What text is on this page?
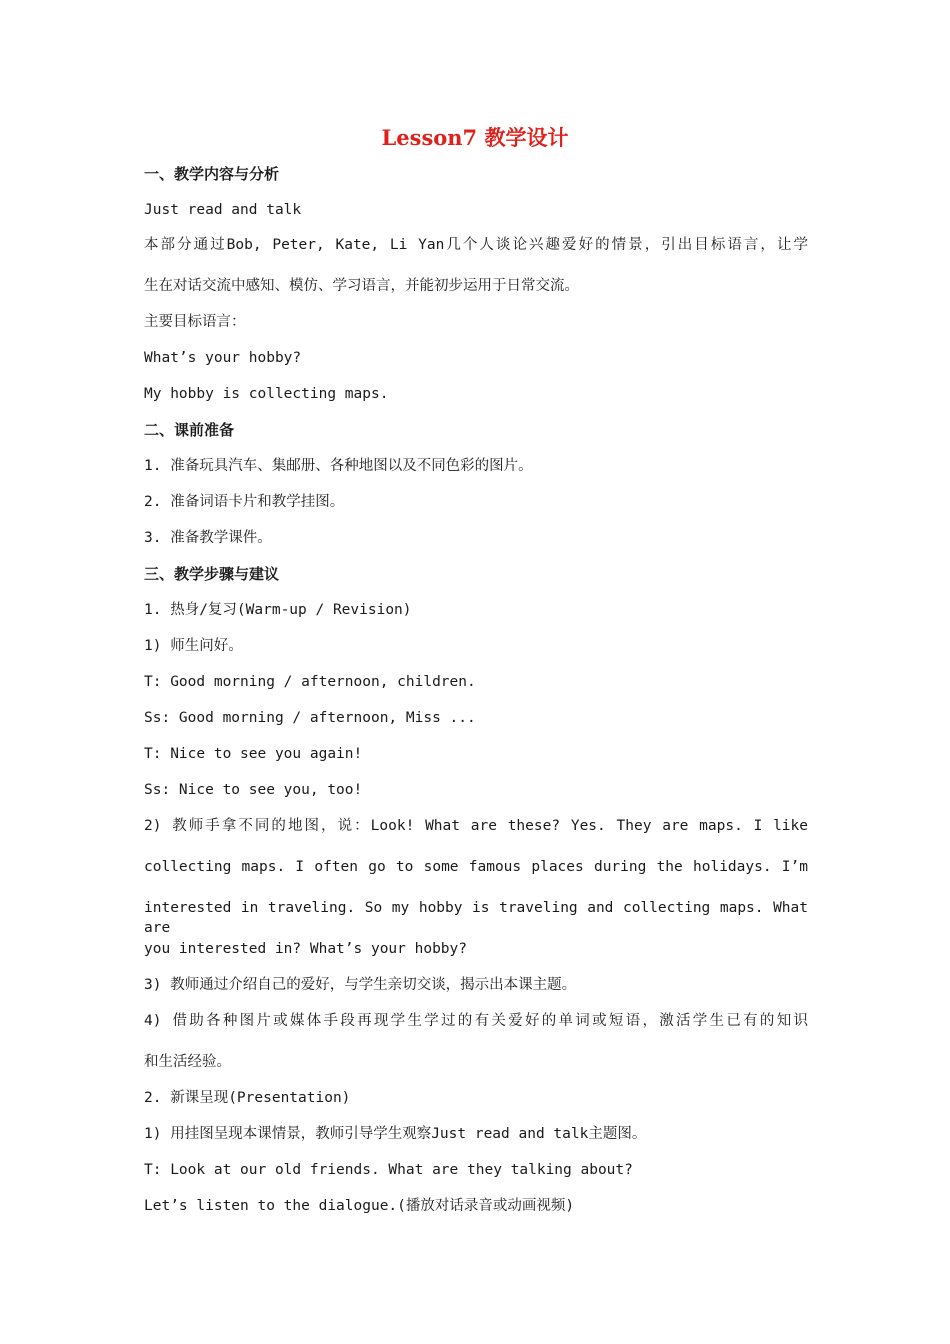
Lesson7 教学设计
一、教学内容与分析
Just read and talk
本部分通过Bob, Peter, Kate, Li Yan几个人谈论兴趣爱好的情景，引出目标语言，让学
生在对话交流中感知、模仿、学习语言，并能初步运用于日常交流。
主要目标语言：
What’s your hobby?
My hobby is collecting maps.
二、课前准备
1. 准备玩具汽车、集邮册、各种地图以及不同色彩的图片。
2. 准备词语卡片和教学挂图。
3. 准备教学课件。
三、教学步骤与建议
1. 热身/复习(Warm-up / Revision)
1) 师生问好。
T: Good morning / afternoon, children.
Ss: Good morning / afternoon, Miss ...
T: Nice to see you again!
Ss: Nice to see you, too!
2) 教师手拿不同的地图，说：Look! What are these? Yes. They are maps. I like
collecting maps. I often go to some famous places during the holidays. I’m
interested in traveling. So my hobby is traveling and collecting maps. What are
you interested in? What’s your hobby?
3) 教师通过介绍自己的爱好，与学生亲切交谈，揭示出本课主题。
4) 借助各种图片或媒体手段再现学生学过的有关爱好的单词或短语，激活学生已有的知识
和生活经验。
2. 新课呈现(Presentation)
1) 用挂图呈现本课情景，教师引导学生观察Just read and talk主题图。
T: Look at our old friends. What are they talking about?
Let’s listen to the dialogue.(播放对话录音或动画视频)
